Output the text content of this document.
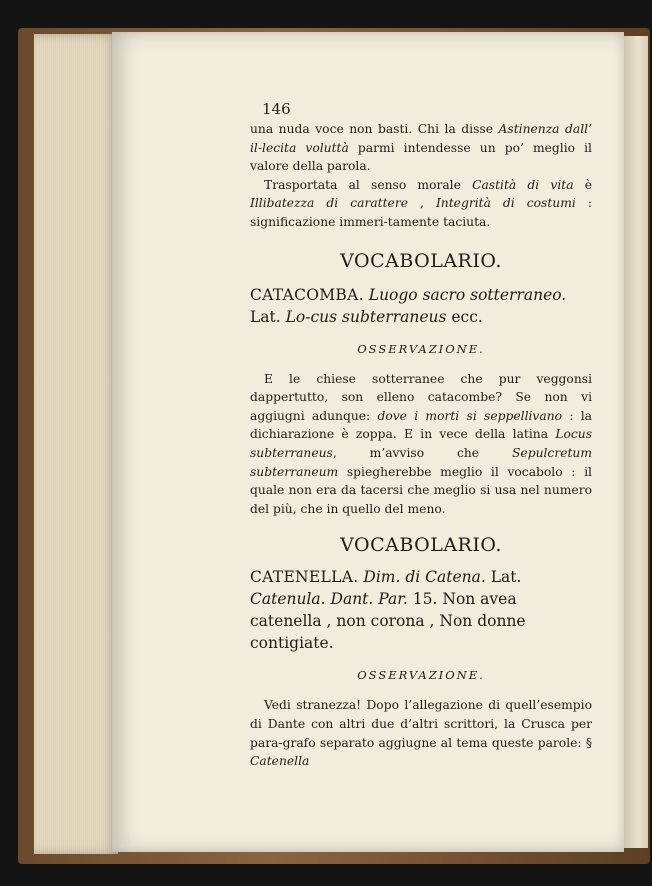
146

una nuda voce non basti. Chi la disse Astinenza dall’ il-lecita voluttà parmi intendesse un po’ meglio il valore della parola.

Trasportata al senso morale Castità di vita è Illibatezza di carattere , Integrità di costumi : significazione immeri-tamente taciuta.

VOCABOLARIO.
CATACOMBA. Luogo sacro sotterraneo. Lat. Lo-cus subterraneus ecc.
OSSERVAZIONE.

E le chiese sotterranee che pur veggonsi dappertutto, son elleno catacombe? Se non vi aggiugni adunque: dove i morti si seppellivano : la dichiarazione è zoppa. E in vece della latina Locus subterraneus, m’avviso che Sepulcretum subterraneum spiegherebbe meglio il vocabolo : il quale non era da tacersi che meglio si usa nel numero del più, che in quello del meno.

VOCABOLARIO.
CATENELLA. Dim. di Catena. Lat. Catenula. Dant. Par. 15. Non avea catenella , non corona , Non donne contigiate.
OSSERVAZIONE.

Vedi stranezza! Dopo l’allegazione di quell’esempio di Dante con altri due d’altri scrittori, la Crusca per para-grafo separato aggiugne al tema queste parole: § Catenella
